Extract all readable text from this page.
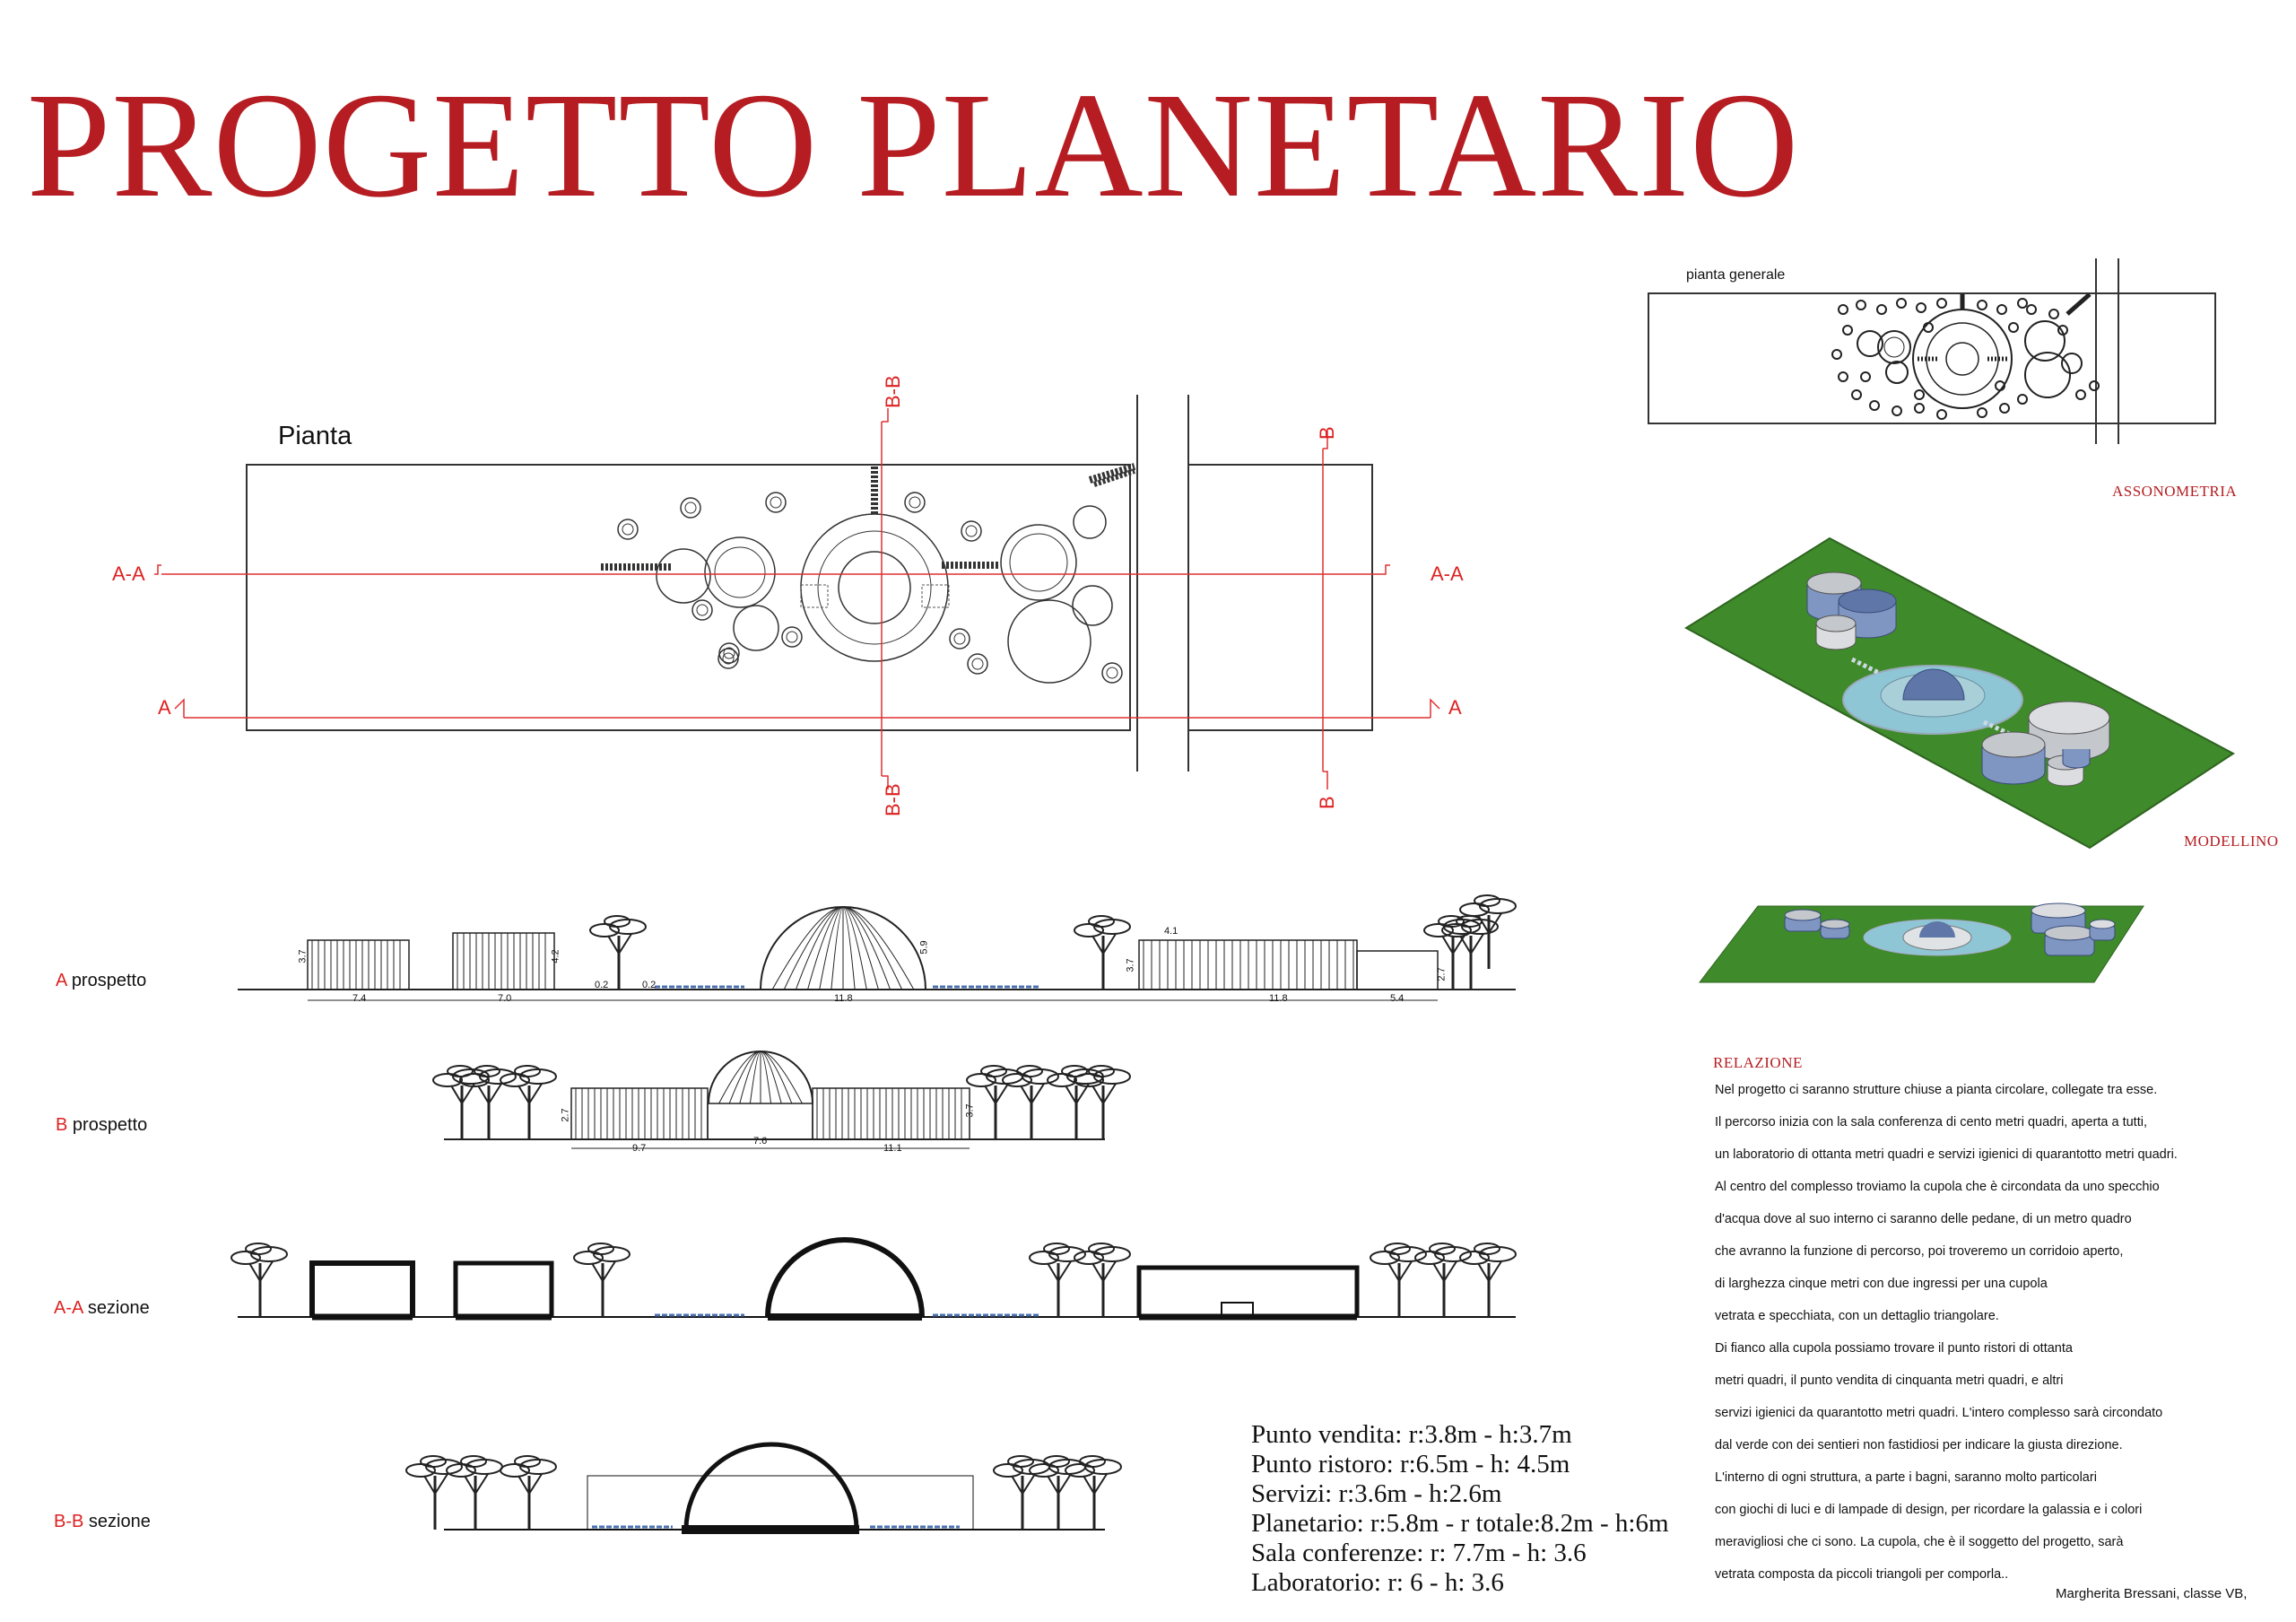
PROGETTO PLANETARIO
B-B
B-B
B
B
Pianta
A-A	A-A
A	A
pianta generale
ASSONOMETRIA
MODELLINO
A prospetto
B prospetto
A-A sezione
B-B sezione
3.7	4.2
7.4	7.0
0.2	0.2
11.8
5.9
3.7
4.1
11.8	5.4
2.7
2.7
9.7
7.6
11.1
3.7
Punto vendita: r:3.8m - h:3.7m
Punto ristoro: r:6.5m - h: 4.5m
Servizi: r:3.6m - h:2.6m
Planetario: r:5.8m - r totale:8.2m - h:6m
Sala conferenze: r: 7.7m - h: 3.6
Laboratorio: r: 6 - h: 3.6
RELAZIONE

Nel progetto ci saranno strutture chiuse a pianta circolare, collegate tra esse.

Il percorso inizia con la sala conferenza di cento metri quadri, aperta a tutti,

un laboratorio di ottanta metri quadri e servizi igienici di quarantotto metri quadri.

Al centro del complesso troviamo la cupola che è circondata da uno specchio

d'acqua dove al suo interno ci saranno delle pedane, di un metro quadro

che avranno la funzione di percorso, poi troveremo un corridoio aperto,

di larghezza cinque metri con due ingressi per una cupola

vetrata e specchiata, con un dettaglio triangolare.

Di fianco alla cupola possiamo trovare il punto ristori di ottanta

metri quadri, il punto vendita di cinquanta metri quadri, e altri

servizi igienici da quarantotto metri quadri. L'intero complesso sarà circondato

dal verde con dei sentieri non fastidiosi per indicare la giusta direzione.

L'interno di ogni struttura, a parte i bagni, saranno molto particolari

con giochi di luci e di lampade di design, per ricordare la galassia e i colori

meravigliosi che ci sono. La cupola, che è il soggetto del progetto, sarà

vetrata composta da piccoli triangoli per comporla..

Margherita Bressani, classe VB,
